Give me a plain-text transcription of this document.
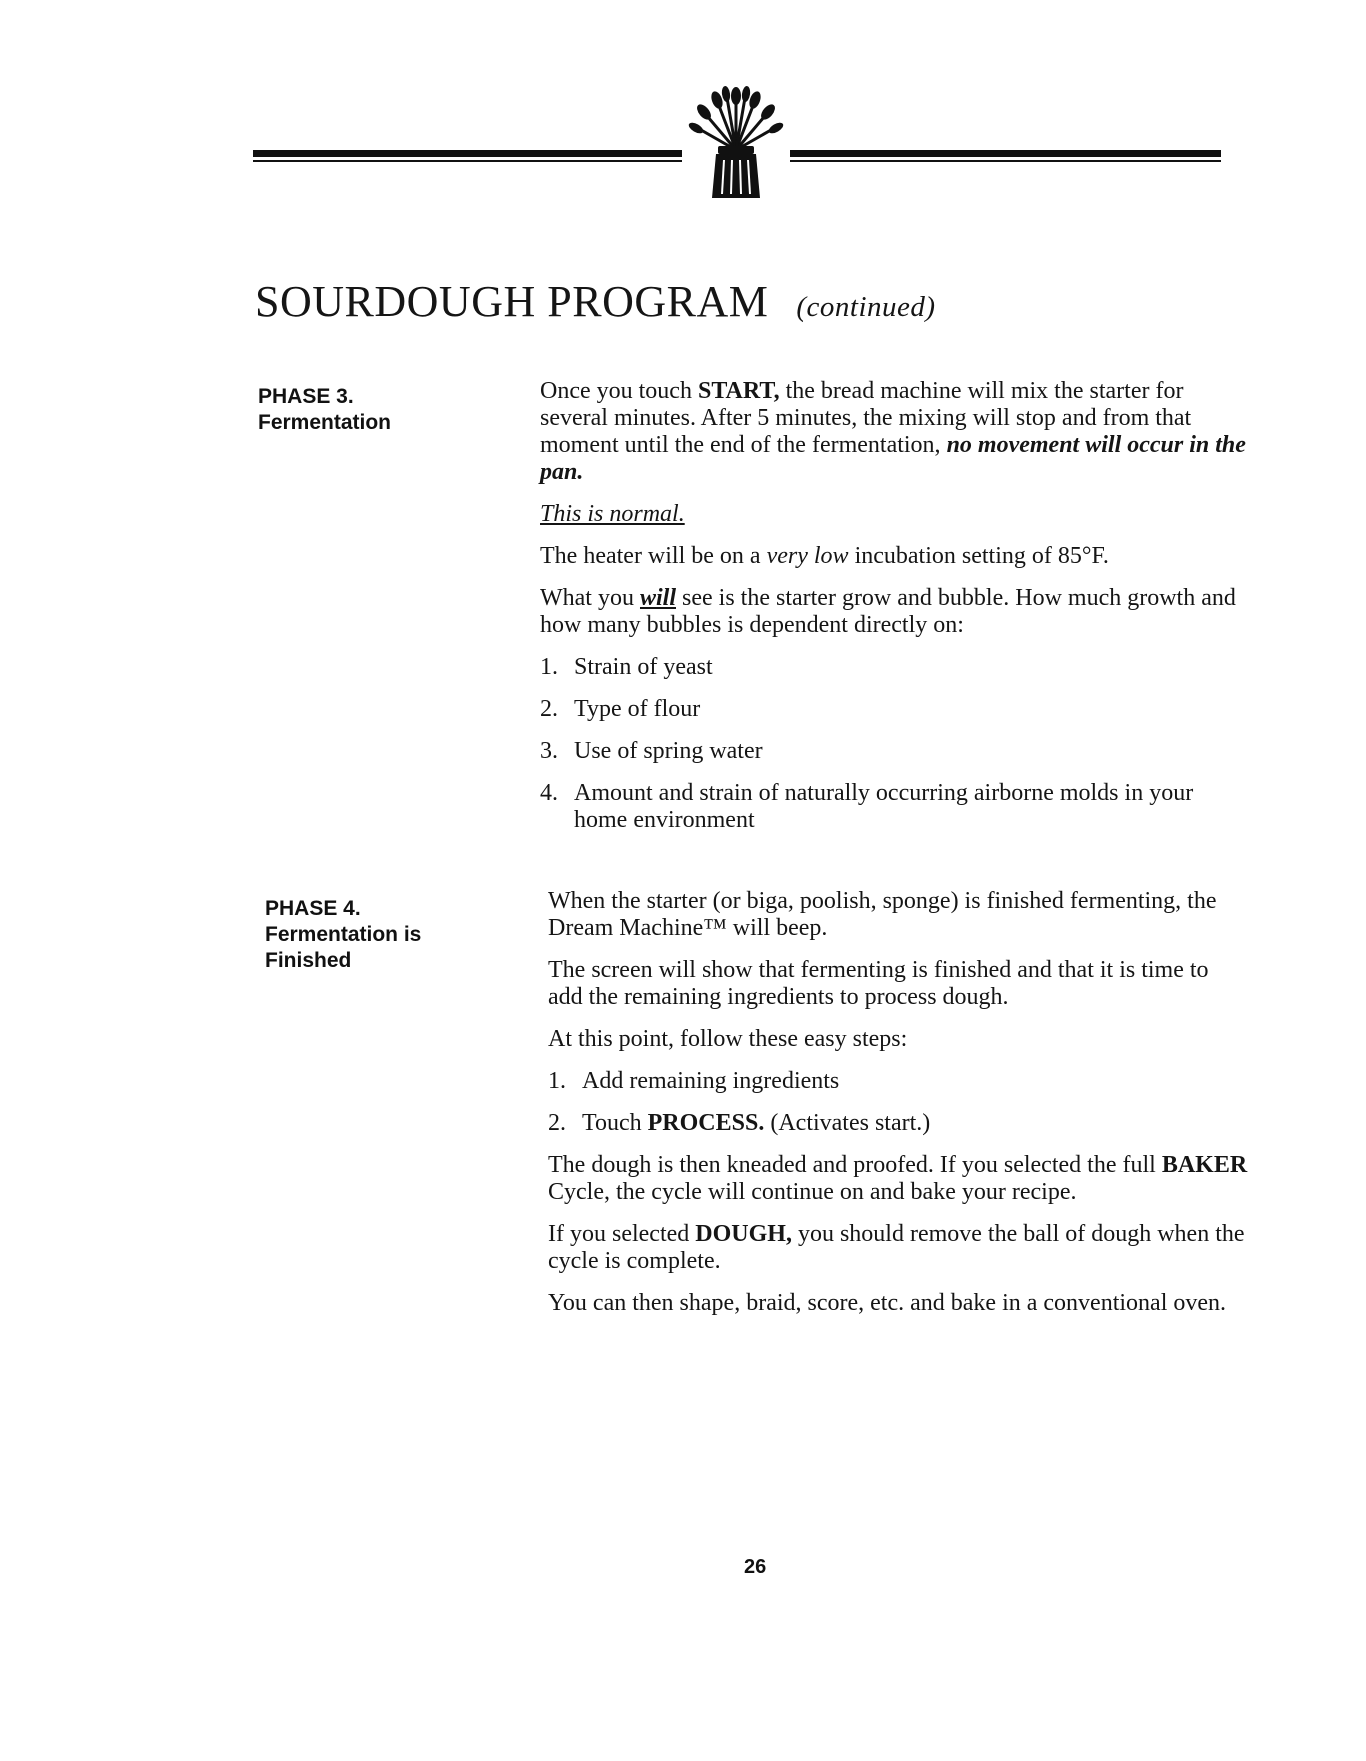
SOURDOUGH PROGRAM (continued)
PHASE 3.
Fermentation

Once you touch START, the bread machine will mix the starter for several minutes. After 5 minutes, the mixing will stop and from that moment until the end of the fermentation, no movement will occur in the pan.

This is normal.

The heater will be on a very low incubation setting of 85°F.

What you will see is the starter grow and bubble. How much growth and how many bubbles is dependent directly on:

1. Strain of yeast
2. Type of flour
3. Use of spring water
4. Amount and strain of naturally occurring airborne molds in your home environment
PHASE 4.
Fermentation is
Finished

When the starter (or biga, poolish, sponge) is finished fermenting, the Dream Machine™ will beep.

The screen will show that fermenting is finished and that it is time to add the remaining ingredients to process dough.

At this point, follow these easy steps:

1. Add remaining ingredients
2. Touch PROCESS. (Activates start.)

The dough is then kneaded and proofed. If you selected the full BAKER Cycle, the cycle will continue on and bake your recipe.

If you selected DOUGH, you should remove the ball of dough when the cycle is complete.

You can then shape, braid, score, etc. and bake in a conventional oven.

26
